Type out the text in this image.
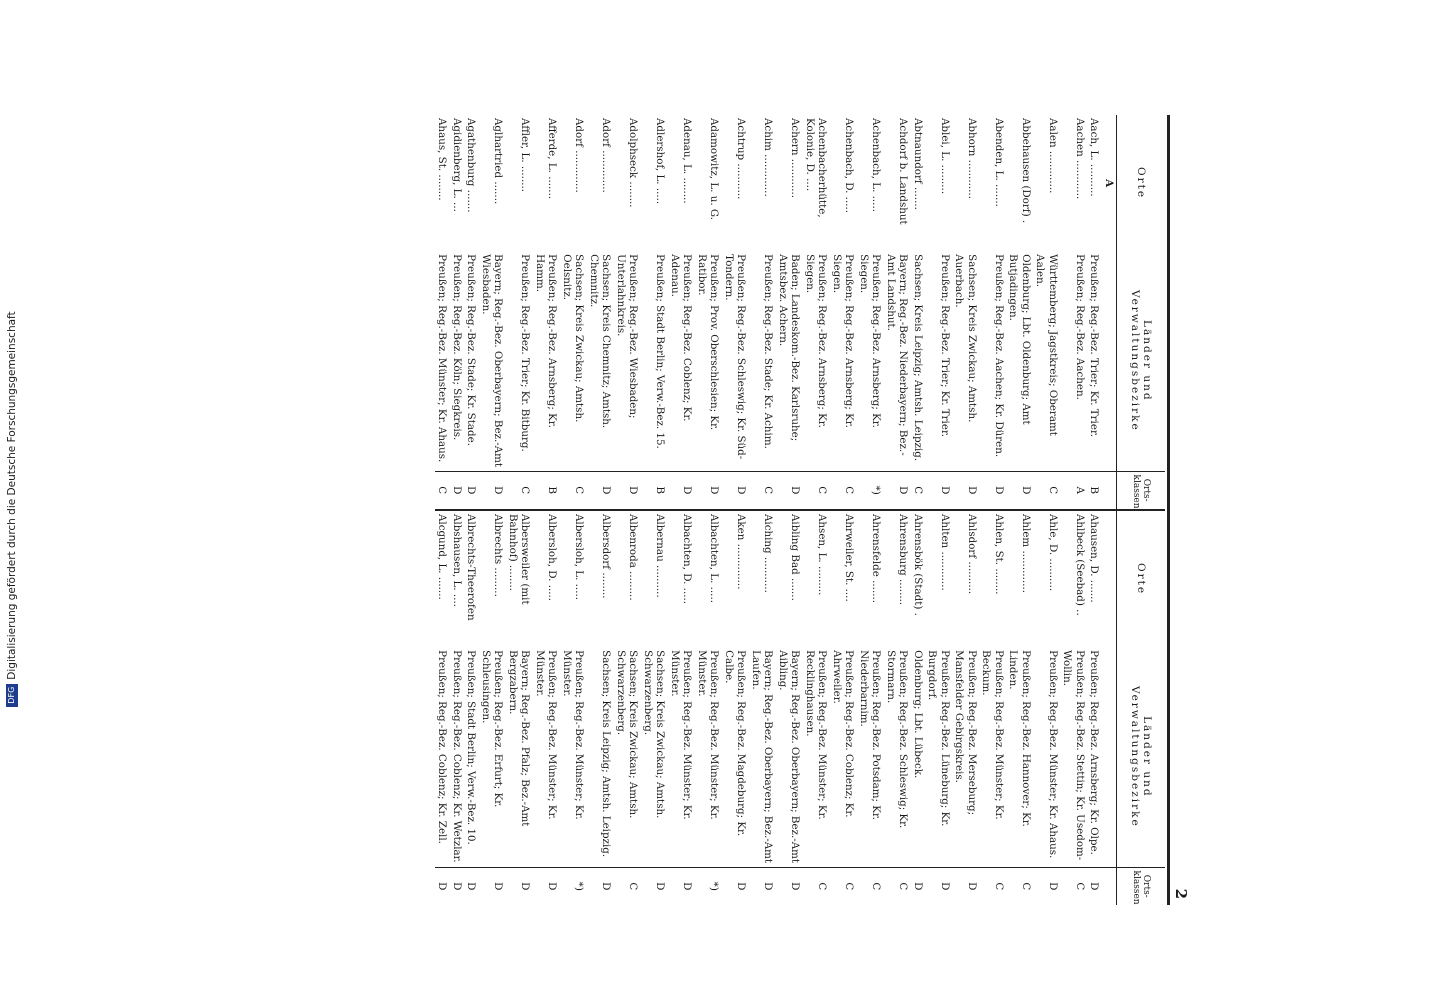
DFGDigitalisierung gefördert durch die Deutsche Forschungsgemeinschaft
2
Orte	Länder und Verwaltungsbezirke	Orts-klassen	Orte	Länder und Verwaltungsbezirke	Orts-klassen
A					
Aach, L. ..........	Preußen; Reg.-Bez. Trier; Kr. Trier.	B	Ahausen, D. .......	Preußen; Reg.-Bez. Arnsberg; Kr. Olpe.	D
Aachen ............	Preußen; Reg.-Bez. Aachen.	A	Ahlbeck (Seebad) ..	Preußen; Reg.-Bez. Stettin; Kr. Usedom-Wollin.	C
Aalen .............	Württemberg; Jagstkreis; Oberamt Aalen.	C	Ahle, D. ..........	Preußen; Reg.-Bez. Münster; Kr. Ahaus.	D
Abbehausen (Dorf) .	Oldenburg; Lbt. Oldenburg; Amt Butjadingen.	D	Ahlem .............	Preußen; Reg.-Bez. Hannover; Kr. Linden.	C
Abenden, L. .......	Preußen; Reg.-Bez. Aachen; Kr. Düren.	D	Ahlen, St. ........	Preußen; Reg.-Bez. Münster; Kr. Beckum.	C
Abhorn ............	Sachsen; Kreis Zwickau; Amtsh. Auerbach.	D	Ahlsdorf ..........	Preußen; Reg.-Bez. Merseburg; Mansfelder Gebirgskreis.	D
Ablei, L. .........	Preußen; Reg.-Bez. Trier; Kr. Trier.	D	Ahlten ............	Preußen; Reg.-Bez. Lüneburg; Kr. Burgdorf.	D
Abtnaundorf .......	Sachsen; Kreis Leipzig; Amtsh. Leipzig.	C	Ahrensbök (Stadt) .	Oldenburg; Lbt. Lübeck.	D
Achdorf b. Landshut	Bayern; Reg.-Bez. Niederbayern; Bez.-Amt Landshut.	D	Ahrensburg ........	Preußen; Reg.-Bez. Schleswig; Kr. Stormarn.	C
Achenbach, L. .....	Preußen; Reg.-Bez. Arnsberg; Kr. Siegen.	*)	Ahrensfelde .......	Preußen; Reg.-Bez. Potsdam; Kr. Niederbarnim.	C
Achenbach, D. .....	Preußen; Reg.-Bez. Arnsberg; Kr. Siegen.	C	Ahrweiler, St. ....	Preußen; Reg.-Bez. Coblenz; Kr. Ahrweiler.	C
Achenbacherhütte, Kolonie, D. ....	Preußen; Reg.-Bez. Arnsberg; Kr. Siegen.	C	Ahsen, L. .........	Preußen; Reg.-Bez. Münster; Kr. Recklinghausen.	C
Achern ............	Baden; Landeskom.-Bez. Karlsruhe; Amtsbez. Achern.	D	Aibling Bad .......	Bayern; Reg.-Bez. Oberbayern; Bez.-Amt Aibling.	D
Achim .............	Preußen; Reg.-Bez. Stade; Kr. Achim.	C	Aiching ...........	Bayern; Reg.-Bez. Oberbayern; Bez.-Amt Laufen.	D
Achtrup ...........	Preußen; Reg.-Bez. Schleswig; Kr. Süd-Tondern.	D	Aken ..............	Preußen; Reg.-Bez. Magdeburg; Kr. Calbe.	D
Adamowitz, L. u. G.	Preußen; Prov. Oberschlesien; Kr. Ratibor.	D	Albachten, L. .....	Preußen; Reg.-Bez. Münster; Kr. Münster.	*)
Adenau, L. ........	Preußen; Reg.-Bez. Coblenz; Kr. Adenau.	D	Albachten, D. .....	Preußen; Reg.-Bez. Münster; Kr. Münster.	D
Adlershof, L. .....	Preußen; Stadt Berlin; Verw.-Bez. 15.	B	Albernau ..........	Sachsen; Kreis Zwickau; Amtsh. Schwarzenberg.	D
Adolphseck ........	Preußen; Reg.-Bez. Wiesbaden; Unterlahnkreis.	D	Albenroda .........	Sachsen; Kreis Zwickau; Amtsh. Schwarzenberg.	C
Adorf .............	Sachsen; Kreis Chemnitz; Amtsh. Chemnitz.	D	Albersdorf ........	Sachsen; Kreis Leipzig; Amtsh. Leipzig.	D
Adorf .............	Sachsen; Kreis Zwickau; Amtsh. Oelsnitz.	C	Albersloh, L. .....	Preußen; Reg.-Bez. Münster; Kr. Münster.	*)
Afferde, L. .......	Preußen; Reg.-Bez. Arnsberg; Kr. Hamm.	B	Albersloh, D. .....	Preußen; Reg.-Bez. Münster; Kr. Münster.	D
Affler, L. ........	Preußen; Reg.-Bez. Trier; Kr. Bitburg.	C	Albersweiler (mit Bahnhof) ........	Bayern; Reg.-Bez. Pfalz; Bez.-Amt Bergzabern.	D
Aglhartried .......	Bayern; Reg.-Bez. Oberbayern; Bez.-Amt Wiesbaden.	D	Albrechts .........	Preußen; Reg.-Bez. Erfurt; Kr. Schleusingen.	D
Agathenburg .......	Preußen; Reg.-Bez. Stade; Kr. Stade.	D	Albrechts-Theerofen	Preußen; Stadt Berlin; Verw.-Bez. 10.	D
Agidienberg, L. ...	Preußen; Reg.-Bez. Köln; Siegkreis.	D	Albshausen, L. ....	Preußen; Reg.-Bez. Coblenz; Kr. Wetzlar.	D
Ahaus, St. ........	Preußen; Reg.-Bez. Münster; Kr. Ahaus.	C	Alcgund, L. .......	Preußen; Reg.-Bez. Coblenz; Kr. Zell.	D
